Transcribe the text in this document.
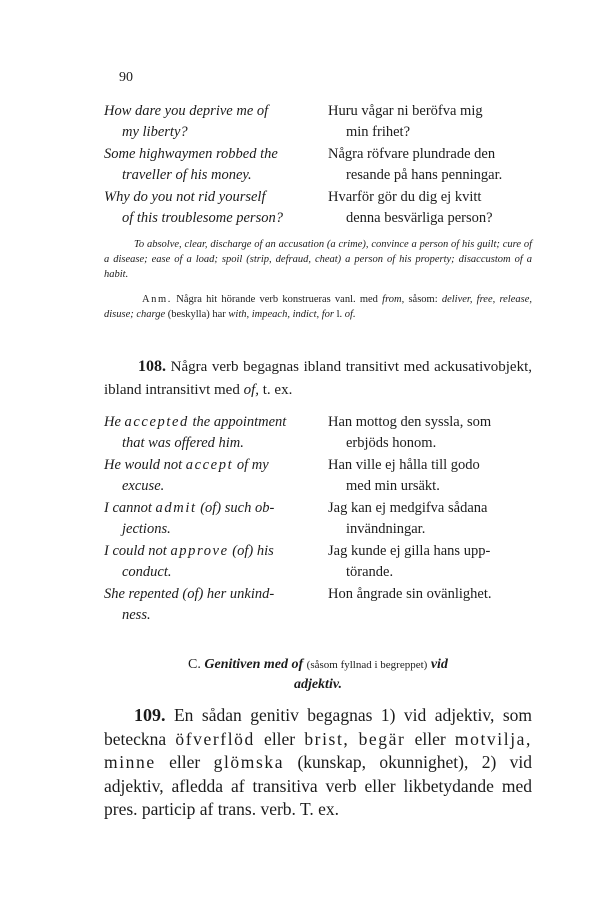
90
How dare you deprive me of
my liberty?
Huru vågar ni beröfva mig
min frihet?
Some highwaymen robbed the
traveller of his money.
Några röfvare plundrade den
resande på hans penningar.
Why do you not rid yourself
of this troublesome person?
Hvarför gör du dig ej kvitt
denna besvärliga person?
To absolve, clear, discharge of an accusation (a crime), convince a person of his guilt; cure of a disease; ease of a load; spoil (strip, defraud, cheat) a person of his property; disaccustom of a habit.
Anm. Några hit hörande verb konstrueras vanl. med from, såsom: deliver, free, release, disuse; charge (beskylla) har with, impeach, indict, for l. of.
108. Några verb begagnas ibland transitivt med ackusativobjekt, ibland intransitivt med of, t. ex.
He accepted the appointment
that was offered him.
Han mottog den syssla, som
erbjöds honom.
He would not accept of my
excuse.
Han ville ej hålla till godo
med min ursäkt.
I cannot admit (of) such ob-
jections.
Jag kan ej medgifva sådana
invändningar.
I could not approve (of) his
conduct.
Jag kunde ej gilla hans upp-
törande.
She repented (of) her unkind-
ness.
Hon ångrade sin ovänlighet.
C. Genitiven med of (såsom fyllnad i begreppet) vid
adjektiv.
109. En sådan genitiv begagnas 1) vid adjektiv, som beteckna öfverflöd eller brist, begär eller motvilja, minne eller glömska (kunskap, okunnighet), 2) vid adjektiv, afledda af transitiva verb eller likbetydande med pres. particip af trans. verb. T. ex.
